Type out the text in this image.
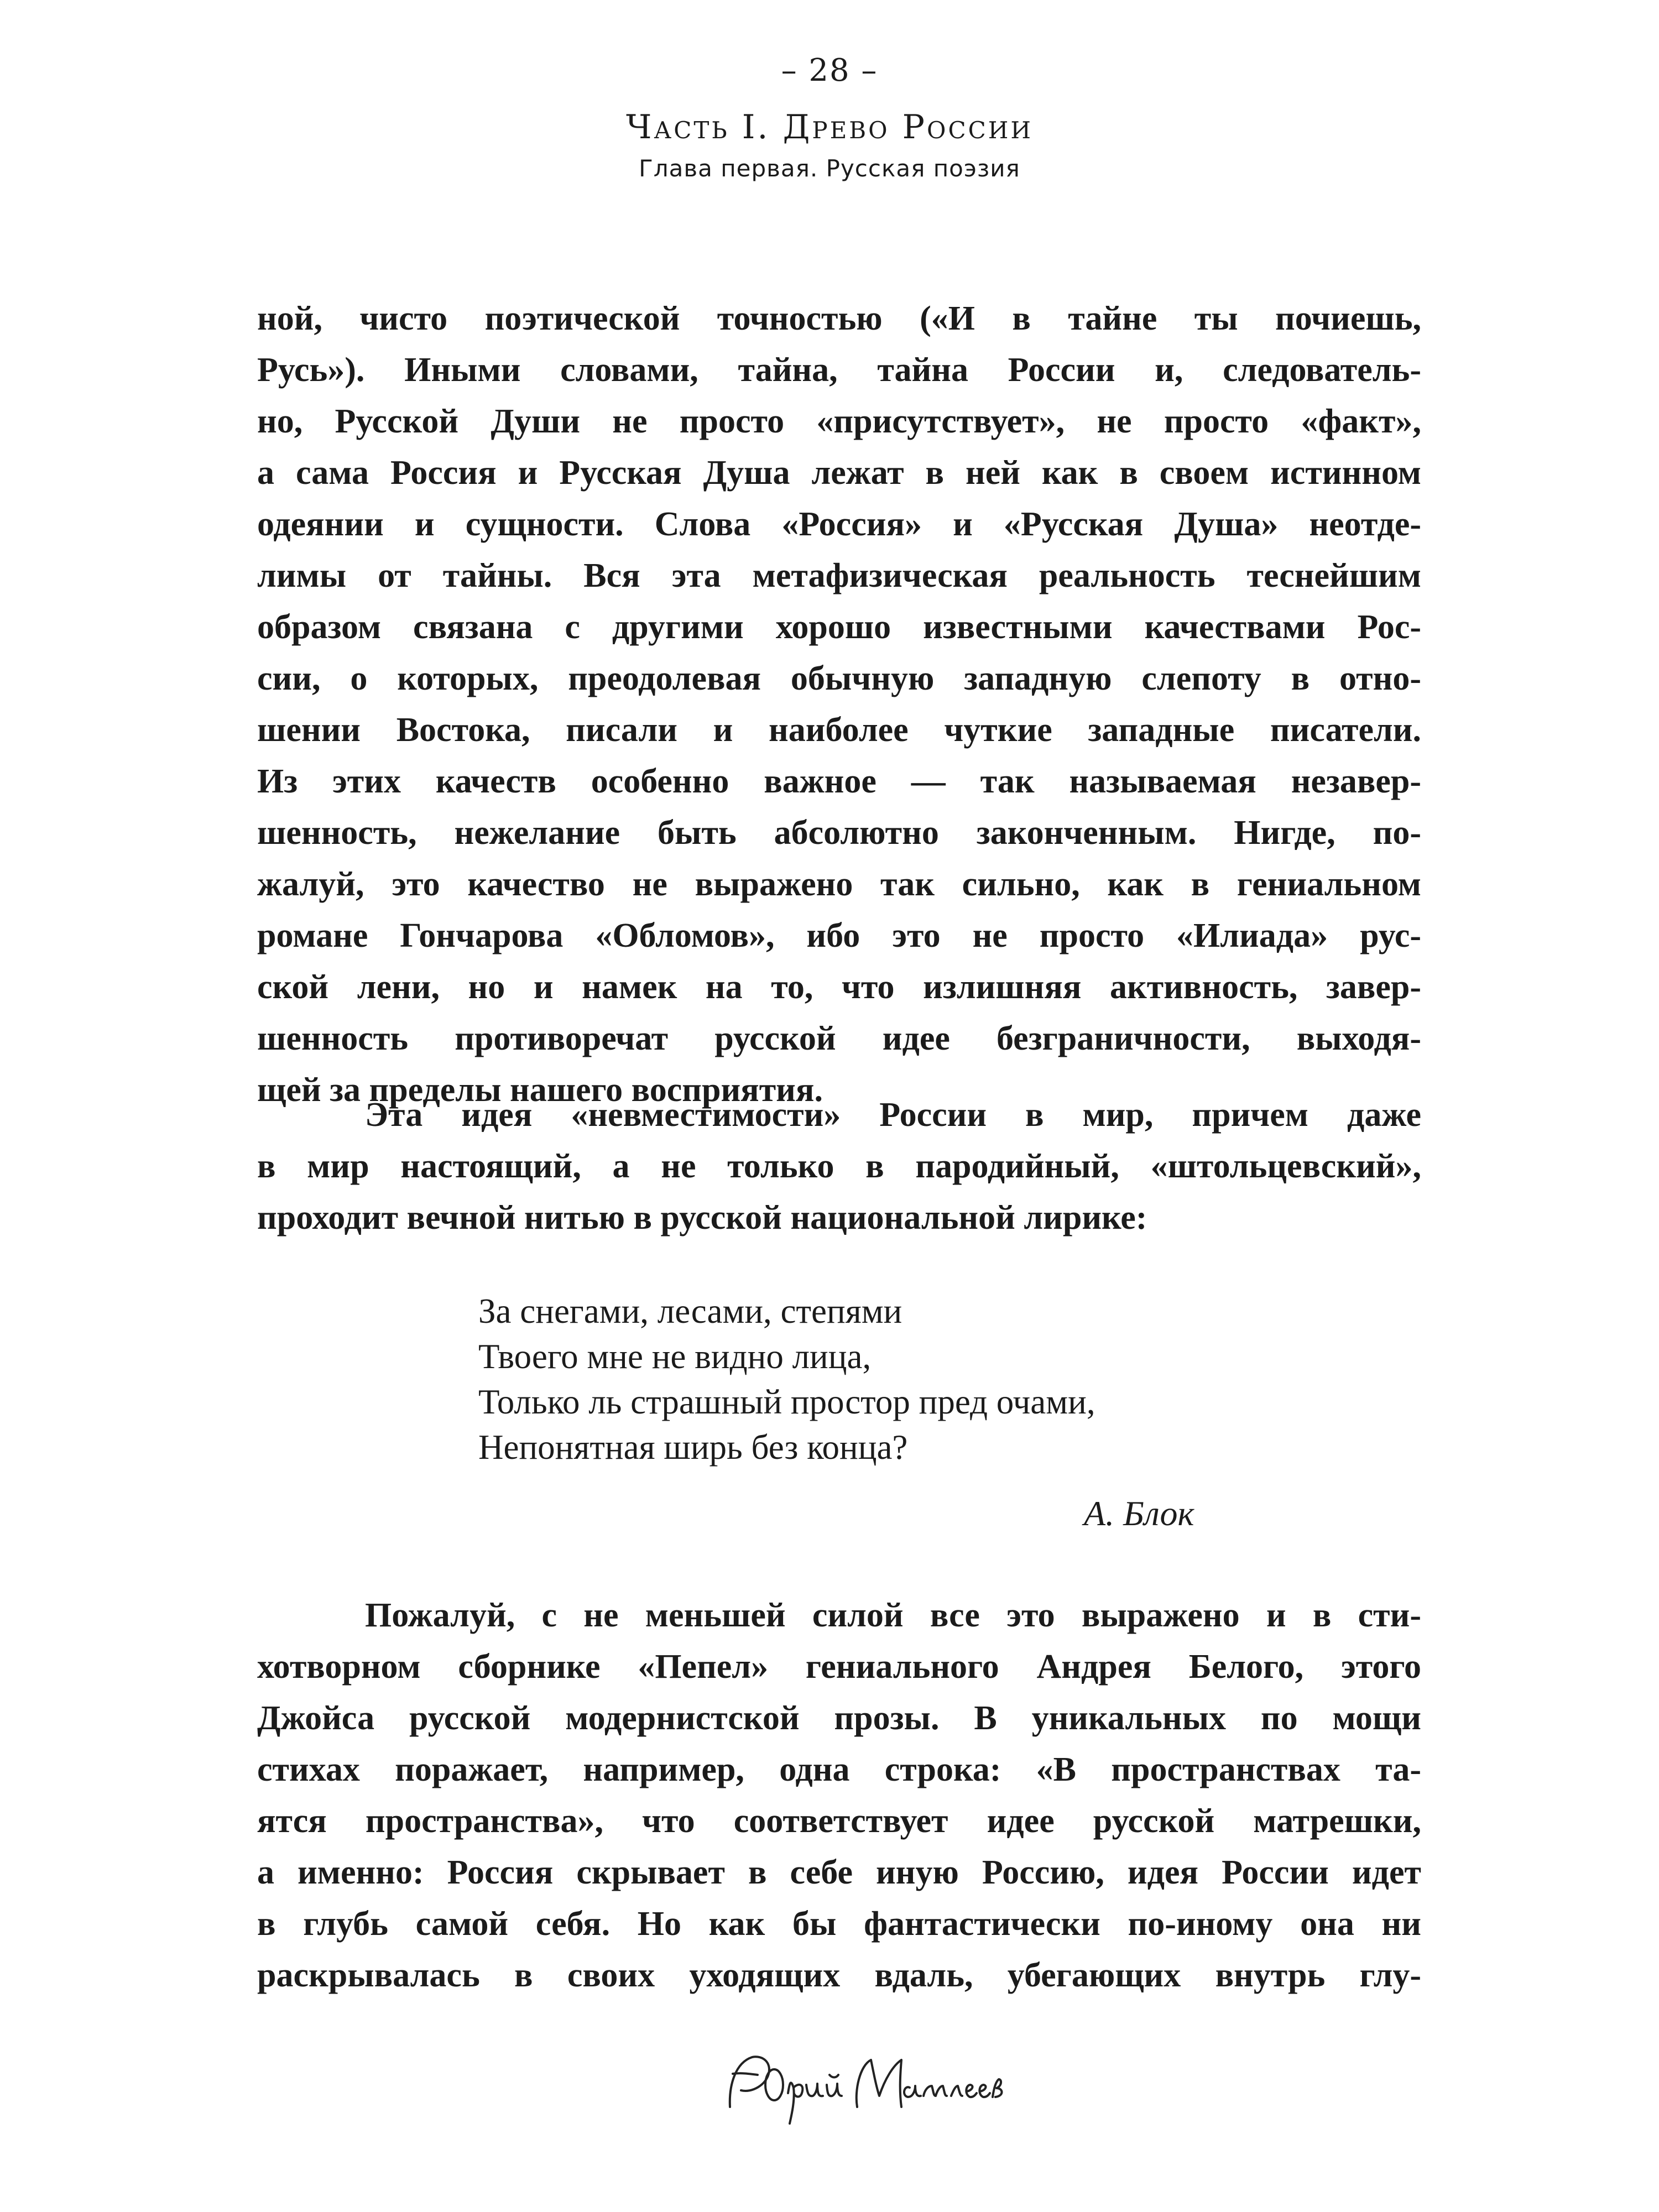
– 28 –
Часть I. Древо России
Глава первая. Русская поэзия
ной, чисто поэтической точностью («И в тайне ты почиешь,
Русь»). Иными словами, тайна, тайна России и, следователь-
но, Русской Души не просто «присутствует», не просто «факт»,
а сама Россия и Русская Душа лежат в ней как в своем истинном
одеянии и сущности. Слова «Россия» и «Русская Душа» неотде-
лимы от тайны. Вся эта метафизическая реальность теснейшим
образом связана с другими хорошо известными качествами Рос-
сии, о которых, преодолевая обычную западную слепоту в отно-
шении Востока, писали и наиболее чуткие западные писатели.
Из этих качеств особенно важное — так называемая незавер-
шенность, нежелание быть абсолютно законченным. Нигде, по-
жалуй, это качество не выражено так сильно, как в гениальном
романе Гончарова «Обломов», ибо это не просто «Илиада» рус-
ской лени, но и намек на то, что излишняя активность, завер-
шенность противоречат русской идее безграничности, выходя-
щей за пределы нашего восприятия.
Эта идея «невместимости» России в мир, причем даже
в мир настоящий, а не только в пародийный, «штольцевский»,
проходит вечной нитью в русской национальной лирике:
За снегами, лесами, степями
Твоего мне не видно лица,
Только ль страшный простор пред очами,
Непонятная ширь без конца?
А. Блок
Пожалуй, с не меньшей силой все это выражено и в сти-
хотворном сборнике «Пепел» гениального Андрея Белого, этого
Джойса русской модернистской прозы. В уникальных по мощи
стихах поражает, например, одна строка: «В пространствах та-
ятся пространства», что соответствует идее русской матрешки,
а именно: Россия скрывает в себе иную Россию, идея России идет
в глубь самой себя. Но как бы фантастически по-иному она ни
раскрывалась в своих уходящих вдаль, убегающих внутрь глу-
